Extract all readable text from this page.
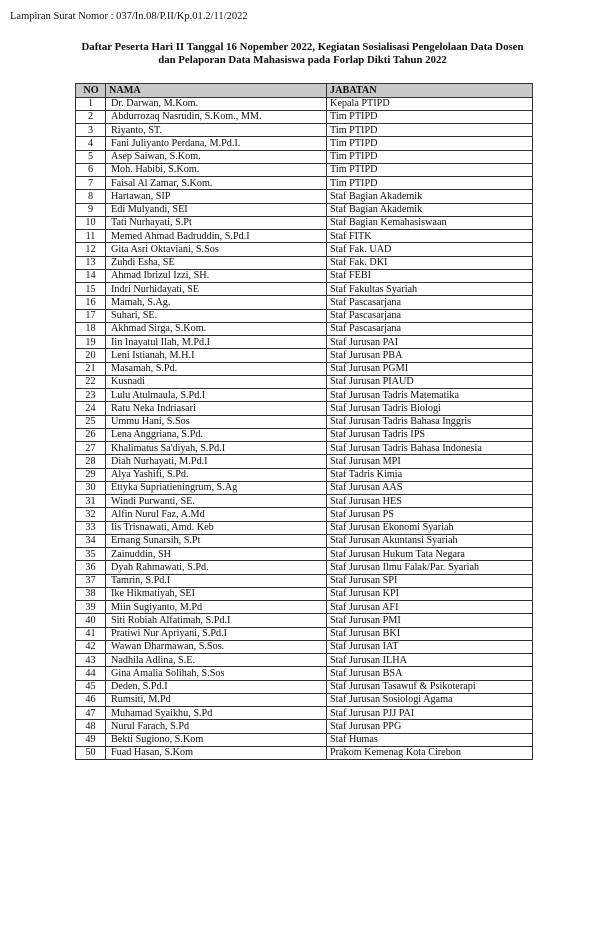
Lampiran Surat Nomor : 037/In.08/P.II/Kp.01.2/11/2022
Daftar Peserta Hari II Tanggal 16 Nopember 2022, Kegiatan Sosialisasi Pengelolaan Data Dosen
dan Pelaporan Data Mahasiswa pada Forlap Dikti Tahun 2022
NO	NAMA	JABATAN
1	Dr. Darwan, M.Kom.	Kepala PTIPD
2	Abdurrozaq Nasrudin, S.Kom., MM.	Tim PTIPD
3	Riyanto, ST.	Tim PTIPD
4	Fani Juliyanto Perdana, M.Pd.I.	Tim PTIPD
5	Asep Saiwan, S.Kom.	Tim PTIPD
6	Moh. Habibi, S.Kom.	Tim PTIPD
7	Faisal Al Zamar, S.Kom.	Tim PTIPD
8	Hartawan, SIP	Staf Bagian Akademik
9	Edi Mulyandi, SEI	Staf Bagian Akademik
10	Tati Nurhayati, S.Pt	Staf Bagian Kemahasiswaan
11	Memed Ahmad Badruddin, S.Pd.I	Staf FITK
12	Gita Asri Oktaviani, S.Sos	Staf Fak. UAD
13	Zuhdi Esha, SE	Staf Fak. DKI
14	Ahmad Ibrizul Izzi, SH.	Staf FEBI
15	Indri Nurhidayati, SE	Staf Fakultas Syariah
16	Mamah, S.Ag.	Staf Pascasarjana
17	Suhari, SE.	Staf Pascasarjana
18	Akhmad Sirga, S.Kom.	Staf Pascasarjana
19	Iin Inayatul Ilah, M.Pd.I	Staf Jurusan PAI
20	Leni Istianah, M.H.I	Staf Jurusan PBA
21	Masamah, S.Pd.	Staf Jurusan PGMI
22	Kusnadi	Staf Jurusan PIAUD
23	Lulu Atulmaula, S.Pd.I	Staf Jurusan Tadris Matematika
24	Ratu Neka Indriasari	Staf Jurusan Tadris Biologi
25	Ummu Hani, S.Sos	Staf Jurusan Tadris Bahasa Inggris
26	Lena Anggriana, S.Pd.	Staf Jurusan Tadris IPS
27	Khalimatus Sa'diyah, S.Pd.I	Staf Jurusan Tadris Bahasa Indonesia
28	Diah Nurhayati, M.Pd.I	Staf Jurusan MPI
29	Alya Yashifi, S.Pd.	Staf Tadris Kimia
30	Ettyka Supriatieningrum, S.Ag	Staf Jurusan AAS
31	Windi Purwanti, SE.	Staf Jurusan HES
32	Alfin Nurul Faz, A.Md	Staf Jurusan PS
33	Iis Trisnawati, Amd. Keb	Staf Jurusan Ekonomi Syariah
34	Ernang Sunarsih, S.Pt	Staf Jurusan Akuntansi Syariah
35	Zainuddin, SH	Staf Jurusan Hukum Tata Negara
36	Dyah Rahmawati, S.Pd.	Staf Jurusan Ilmu Falak/Par. Syariah
37	Tamrin, S.Pd.I	Staf Jurusan SPI
38	Ike Hikmatiyah, SEI	Staf Jurusan KPI
39	Miin Sugiyanto, M.Pd	Staf Jurusan AFI
40	Siti Robiah Alfatimah, S.Pd.I	Staf Jurusan PMI
41	Pratiwi Nur Apriyani, S.Pd.I	Staf Jurusan BKI
42	Wawan Dharmawan, S.Sos.	Staf Jurusan IAT
43	Nadhila Adlina, S.E.	Staf Jurusan ILHA
44	Gina Amalia Solihah, S.Sos	Staf Jurusan BSA
45	Deden, S.Pd.I	Staf Jurusan Tasawuf & Psikoterapi
46	Rumsiti, M.Pd	Staf Jurusan Sosiologi Agama
47	Muhamad Syaikhu, S.Pd	Staf Jurusan PJJ PAI
48	Nurul Farach, S.Pd	Staf Jurusan PPG
49	Bekti Sugiono, S.Kom	Staf Humas
50	Fuad Hasan, S.Kom	Prakom Kemenag Kota Cirebon
